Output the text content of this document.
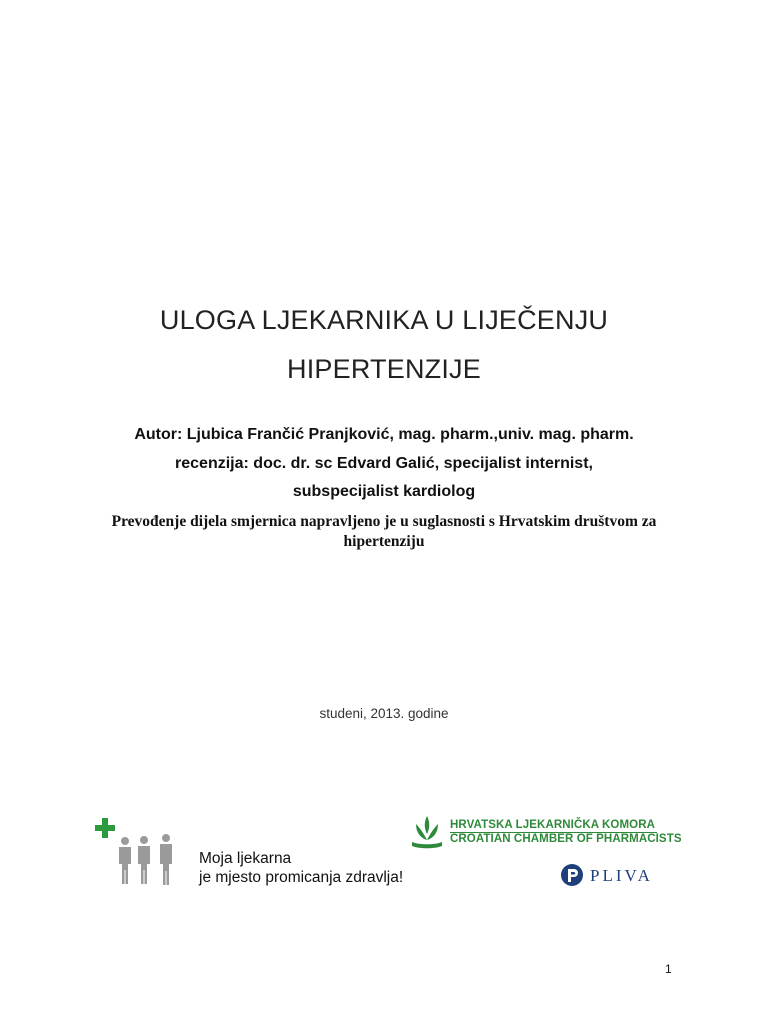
ULOGA LJEKARNIKA U LIJEČENJU
HIPERTENZIJE
Autor: Ljubica Frančić Pranjković, mag. pharm.,univ. mag. pharm.
recenzija: doc. dr. sc Edvard Galić, specijalist internist,
subspecijalist kardiolog
Prevođenje dijela smjernica napravljeno je u suglasnosti s Hrvatskim društvom za hipertenziju
studeni, 2013. godine
Moja ljekarna
je mjesto promicanja zdravlja!
HRVATSKA LJEKARNIČKA KOMORA
CROATIAN CHAMBER OF PHARMACISTS
PLIVA
1
